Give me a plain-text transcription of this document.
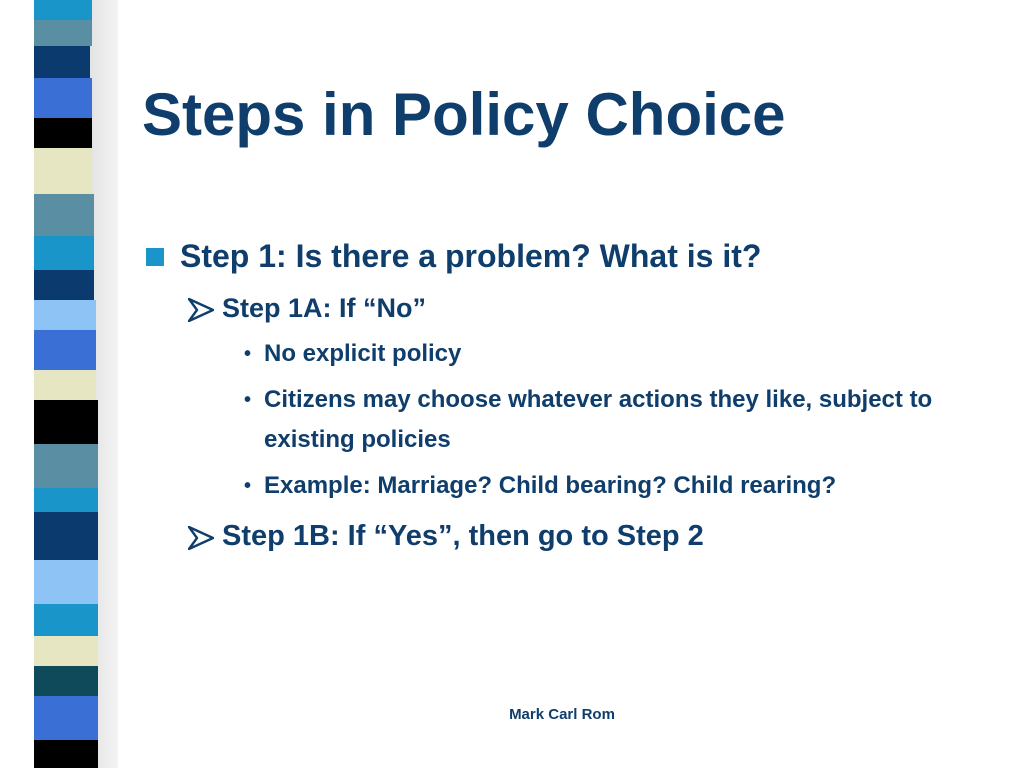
Steps in Policy Choice
Step 1: Is there a problem? What is it?
Step 1A: If “No”
• No explicit policy
• Citizens may choose whatever actions they like, subject to existing policies
• Example: Marriage? Child bearing? Child rearing?
Step 1B: If “Yes”, then go to Step 2
Mark Carl Rom
